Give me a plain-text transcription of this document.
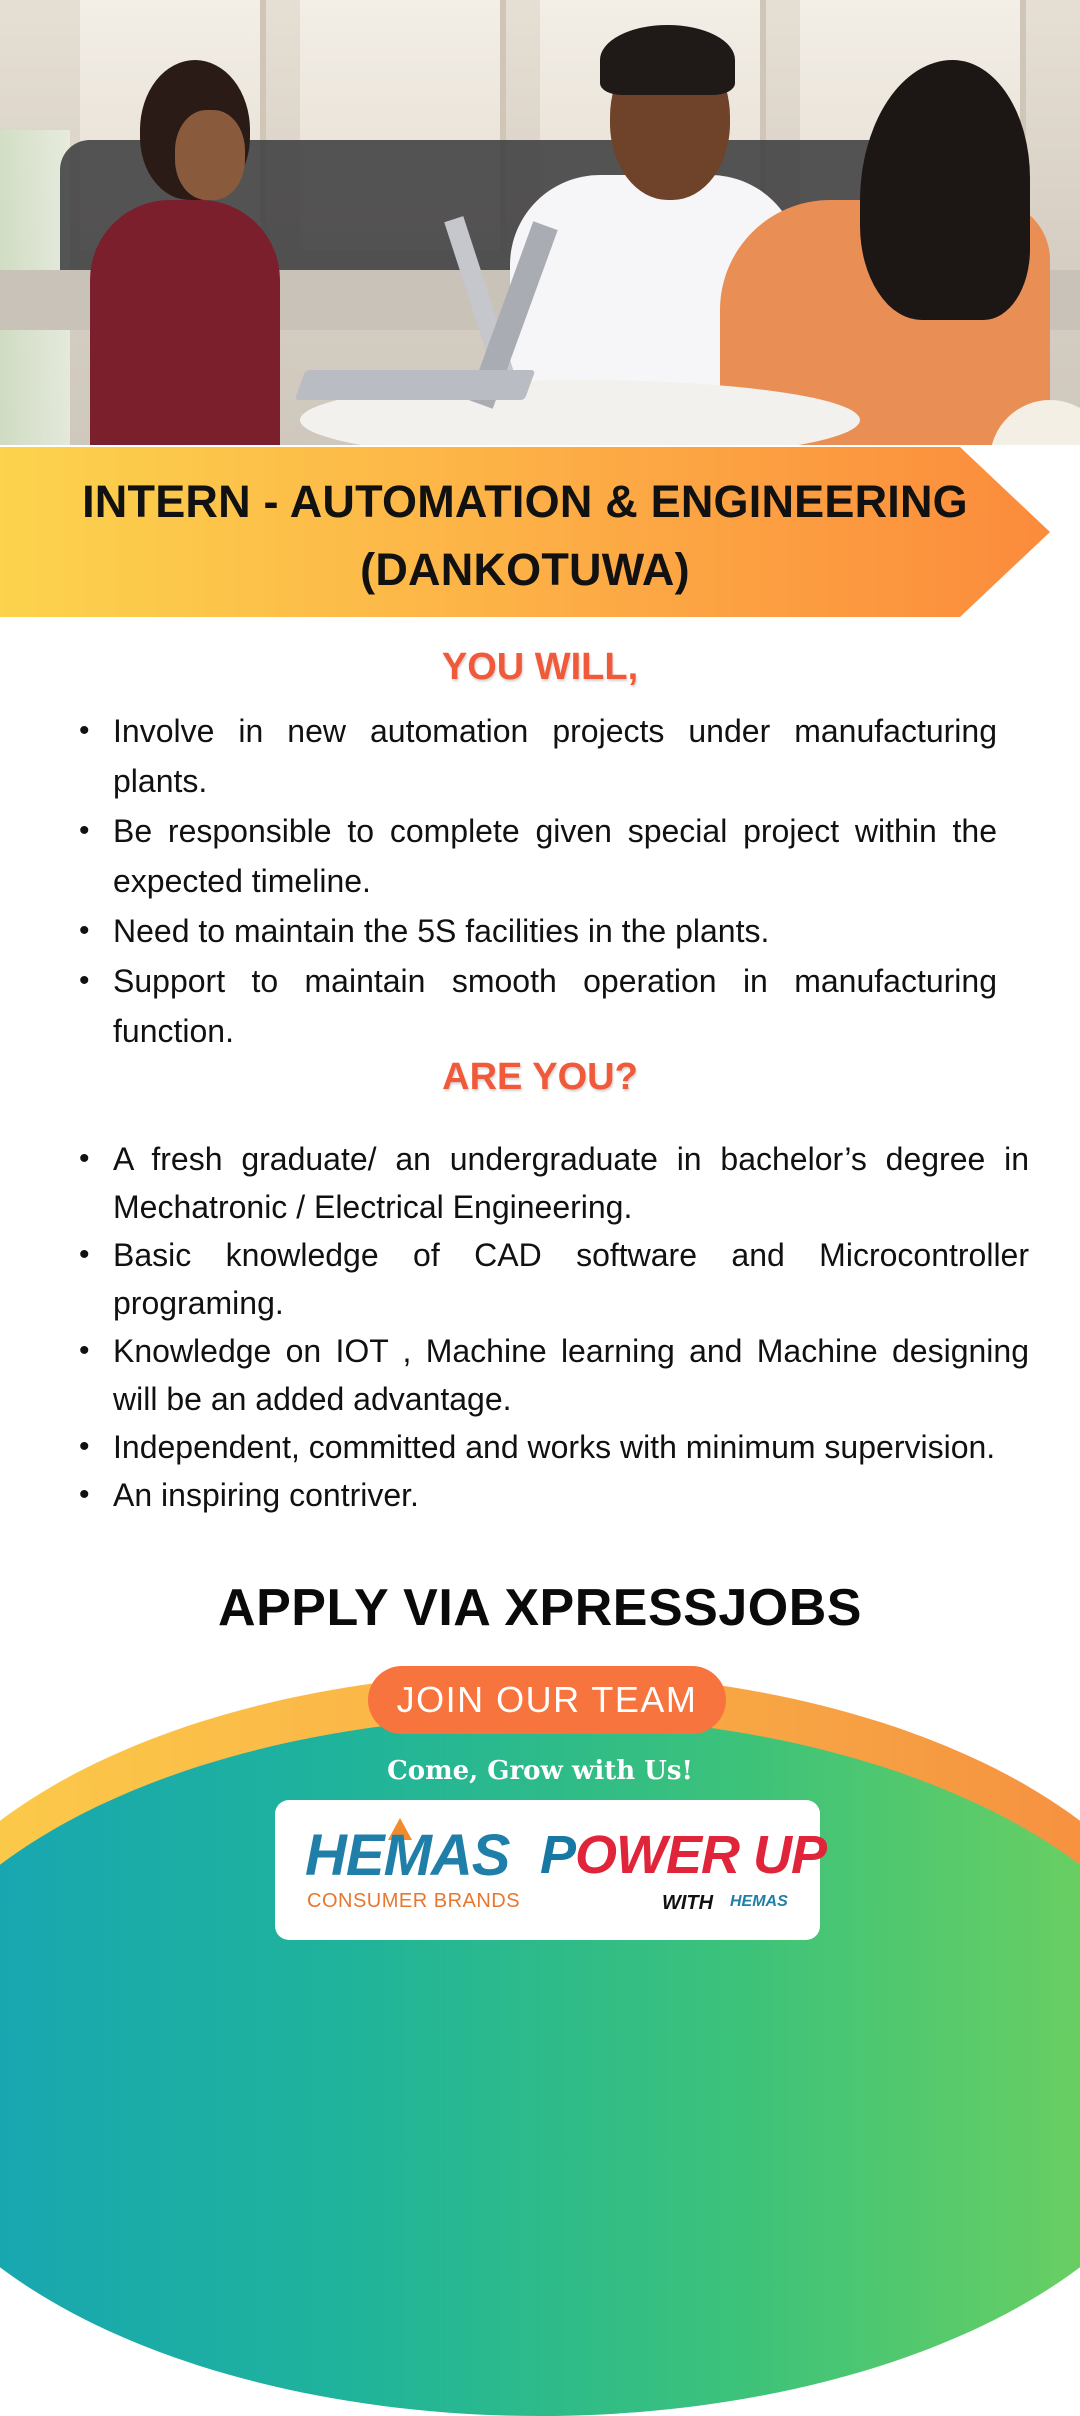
INTERN - AUTOMATION & ENGINEERING
(DANKOTUWA)
YOU WILL,
• Involve in new automation projects under manufacturing plants.
• Be responsible to complete given special project within the expected timeline.
• Need to maintain the 5S facilities in the plants.
• Support to maintain smooth operation in manufacturing function.
ARE YOU?
• A fresh graduate/ an undergraduate in bachelor’s degree in Mechatronic / Electrical Engineering.
• Basic knowledge of CAD software and Microcontroller programing.
• Knowledge on IOT , Machine learning and Machine designing will be an added advantage.
• Independent, committed and works with minimum supervision.
• An inspiring contriver.
APPLY VIA XPRESSJOBS
JOIN OUR TEAM
Come, Grow with Us!
HEMAS
CONSUMER BRANDS
POWER UP
WITH HEMAS
